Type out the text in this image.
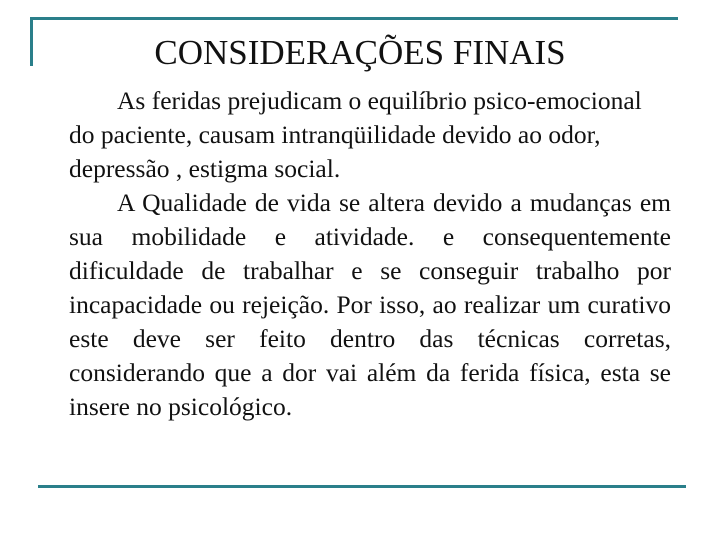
CONSIDERAÇÕES FINAIS

As feridas prejudicam o equilíbrio psico-emocional do paciente, causam intranqüilidade devido ao odor, depressão , estigma social.

A Qualidade de vida se altera devido a mudanças em sua mobilidade e atividade. e consequentemente dificuldade de trabalhar e se conseguir trabalho por incapacidade ou rejeição. Por isso, ao realizar um curativo este deve ser feito dentro das técnicas corretas, considerando que a dor vai além da ferida física, esta se insere no psicológico.
